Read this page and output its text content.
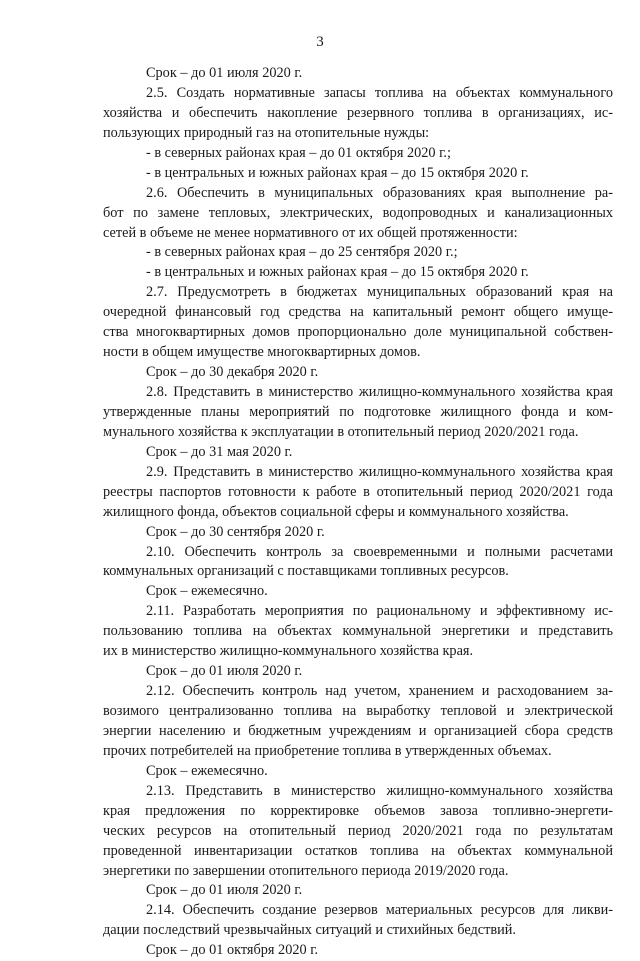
3
Срок – до 01 июля 2020 г.
2.5. Создать нормативные запасы топлива на объектах коммунального
хозяйства и обеспечить накопление резервного топлива в организациях, ис-
пользующих природный газ на отопительные нужды:
- в северных районах края – до 01 октября 2020 г.;
- в центральных и южных районах края – до 15 октября 2020 г.
2.6. Обеспечить в муниципальных образованиях края выполнение ра-
бот по замене тепловых, электрических, водопроводных и канализационных
сетей в объеме не менее нормативного от их общей протяженности:
- в северных районах края – до 25 сентября 2020 г.;
- в центральных и южных районах края – до 15 октября 2020 г.
2.7. Предусмотреть в бюджетах муниципальных образований края на
очередной финансовый год средства на капитальный ремонт общего имуще-
ства многоквартирных домов пропорционально доле муниципальной собствен-
ности в общем имуществе многоквартирных домов.
Срок – до 30 декабря 2020 г.
2.8. Представить в министерство жилищно-коммунального хозяйства края
утвержденные планы мероприятий по подготовке жилищного фонда и ком-
мунального хозяйства к эксплуатации в отопительный период 2020/2021 года.
Срок – до 31 мая 2020 г.
2.9. Представить в министерство жилищно-коммунального хозяйства края
реестры паспортов готовности к работе в отопительный период 2020/2021 года
жилищного фонда, объектов социальной сферы и коммунального хозяйства.
Срок – до 30 сентября 2020 г.
2.10. Обеспечить контроль за своевременными и полными расчетами
коммунальных организаций с поставщиками топливных ресурсов.
Срок – ежемесячно.
2.11. Разработать мероприятия по рациональному и эффективному ис-
пользованию топлива на объектах коммунальной энергетики и представить
их в министерство жилищно-коммунального хозяйства края.
Срок – до 01 июля 2020 г.
2.12. Обеспечить контроль над учетом, хранением и расходованием за-
возимого централизованно топлива на выработку тепловой и электрической
энергии населению и бюджетным учреждениям и организацией сбора средств
прочих потребителей на приобретение топлива в утвержденных объемах.
Срок – ежемесячно.
2.13. Представить в министерство жилищно-коммунального хозяйства
края предложения по корректировке объемов завоза топливно-энергети-
ческих ресурсов на отопительный период 2020/2021 года по результатам
проведенной инвентаризации остатков топлива на объектах коммунальной
энергетики по завершении отопительного периода 2019/2020 года.
Срок – до 01 июля 2020 г.
2.14. Обеспечить создание резервов материальных ресурсов для ликви-
дации последствий чрезвычайных ситуаций и стихийных бедствий.
Срок – до 01 октября 2020 г.
